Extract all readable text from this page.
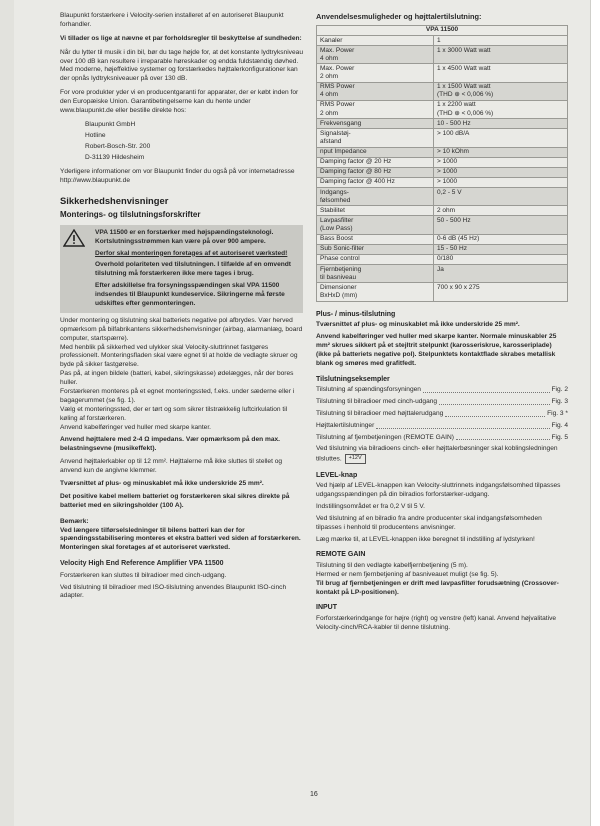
Blaupunkt forstærkere i Velocity-serien installeret af en autoriseret Blaupunkt forhandler.

Vi tillader os lige at nævne et par forholdsregler til beskyttelse af sundheden:

Når du lytter til musik i din bil, bør du tage højde for, at det konstante lydtryksniveau over 100 dB kan resultere i irreparable høreskader og endda fuldstændig døvhed. Med moderne, højeffektive systemer og forstærkedes højttalerkonfigurationer kan der opnås lydtryksniveauer på over 130 dB.

For vore produkter yder vi en producentgaranti for apparater, der er købt inden for den Europæiske Union. Garantibetingelserne kan du hente under www.blaupunkt.de eller bestille direkte hos:

Blaupunkt GmbH

Hotline

Robert-Bosch-Str. 200

D-31139 Hildesheim

Yderligere informationer om vor Blaupunkt finder du også på vor internetadresse http://www.blaupunkt.de

Sikkerhedshenvisninger
Monterings- og tilslutningsforskrifter

VPA 11500 er en forstærker med højspændingsteknologi. Kortslutningsstrømmen kan være på over 900 ampere.

Derfor skal monteringen foretages af et autoriseret værksted!

Overhold polariteten ved tilslutningen. I tilfælde af en omvendt tilslutning må forstærkeren ikke mere tages i brug.

Efter adskillelse fra forsyningsspændingen skal VPA 11500 indsendes til Blaupunkt kundeservice. Sikringerne må første udskiftes efter genmonteringen.

Under montering og tilslutning skal batteriets negative pol afbrydes. Vær herved opmærksom på bilfabrikantens sikkerhedshenvisninger (airbag, alarmanlæg, board computer, startspærre).

Med henblik på sikkerhed ved ulykker skal Velocity-sluttrinnet fastgøres professionelt. Monteringsfladen skal være egnet til at holde de vedlagte skruer og byde på sikker fastgørelse.

Pas på, at ingen bildele (batteri, kabel, sikringskasse) ødelægges, når der bores huller.

Forstærkeren monteres på et egnet monteringssted, f.eks. under sæderne eller i bagagerummet (se fig. 1).

Vælg et monteringssted, der er tørt og som sikrer tilstrækkelig luftcirkulation til køling af forstærkeren.

Anvend kabelføringer ved huller med skarpe kanter.

Anvend højttalere med 2-4 Ω impedans. Vær opmærksom på den max. belastningsevne (musikeffekt).

Anvend højttalerkabler op til 12 mm². Højttalerne må ikke sluttes til stellet og anvend kun de angivne klemmer.

Tværsnittet af plus- og minuskablet må ikke underskride 25 mm².

Det positive kabel mellem batteriet og forstærkeren skal sikres direkte på batteriet med en sikringsholder (100 A).

Bemærk:

Ved længere tilførselsledninger til bilens batteri kan der for spændingsstabilisering monteres et ekstra batteri ved siden af forstærkeren. Monteringen skal foretages af et autoriseret værksted.

Velocity High End Reference Amplifier VPA 11500

Forstærkeren kan sluttes til bilradioer med cinch-udgang.

Ved tilslutning til bilradioer med ISO-tilslutning anvendes Blaupunkt ISO-cinch adapter.

Anvendelsesmuligheder og højttalertilslutning:

VPA 11500	
Kanaler	1
Max. Power
4 ohm	1 x 3000 Watt watt
Max. Power
2 ohm	1 x 4500 Watt watt
RMS Power
4 ohm	1 x 1500 Watt watt
(THD ⊕ < 0,006 %)
RMS Power
2 ohm	1 x 2200 watt
(THD ⊕ < 0,006 %)
Frekvensgang	10 - 500 Hz
Signalstøj-
afstand	> 100 dB/A
nput Impedance	> 10 kOhm
Damping factor @ 20 Hz	> 1000
Damping factor @ 80 Hz	> 1000
Damping factor @ 400 Hz	> 1000
Indgangs-
følsomhed	0,2 - 5 V
Stabilitet	2 ohm
Lavpasfilter
(Low Pass)	50 - 500 Hz
Bass Boost	0-6 dB (45 Hz)
Sub Sonic-filter	15 - 50 Hz
Phase control	0/180
Fjernbetjening
til basniveau	Ja
Dimensioner
BxHxD (mm)	700 x 90 x 275

Plus- / minus-tilslutning

Tværsnittet af plus- og minuskablet må ikke underskride 25 mm².

Anvend kabelføringer ved huller med skarpe kanter. Normale minuskabler 25 mm² skrues sikkert på et stejltrit stelpunkt (karosseriskrue, karosseriplade) (ikke på batteriets negative pol). Stelpunktets kontaktflade skrabes metallisk blank og smøres med grafitfedt.

Tilslutningseksempler

Tilslutning af spændingsforsyningen	Fig. 2
Tilslutning til bilradioer med cinch-udgang	Fig. 3
Tilslutning til bilradioer med højttalerudgang	Fig. 3 *
Højttalertilslutninger	Fig. 4
Tilslutning af fjernbetjeningen (REMOTE GAIN)	Fig. 5

Ved tilslutning via bilradioens cinch- eller højttalerbøsninger skal koblingsledningen tilsluttes. +12V

LEVEL-knap

Ved hjælp af LEVEL-knappen kan Velocity-sluttrinnets indgangsfølsomhed tilpasses udgangsspændingen på din bilradios forforstærker-udgang.

Indstillingsområdet er fra 0,2 V til 5 V.

Ved tilslutning af en bilradio fra andre producenter skal indgangsfølsomheden tilpasses i henhold til producentens anvisninger.

Læg mærke til, at LEVEL-knappen ikke beregnet til indstilling af lydstyrken!

REMOTE GAIN

Tilslutning til den vedlagte kabelfjernbetjening (5 m).

Hermed er nem fjernbetjening af basniveauet muligt (se fig. 5).

Til brug af fjernbetjeningen er drift med lavpasfilter forudsætning (Crossover-kontakt på LP-positionen).

INPUT

Forforstærkerindgange for højre (right) og venstre (left) kanal. Anvend højvalitative Velocity-cinch/RCA-kabler til denne tilslutning.

16
